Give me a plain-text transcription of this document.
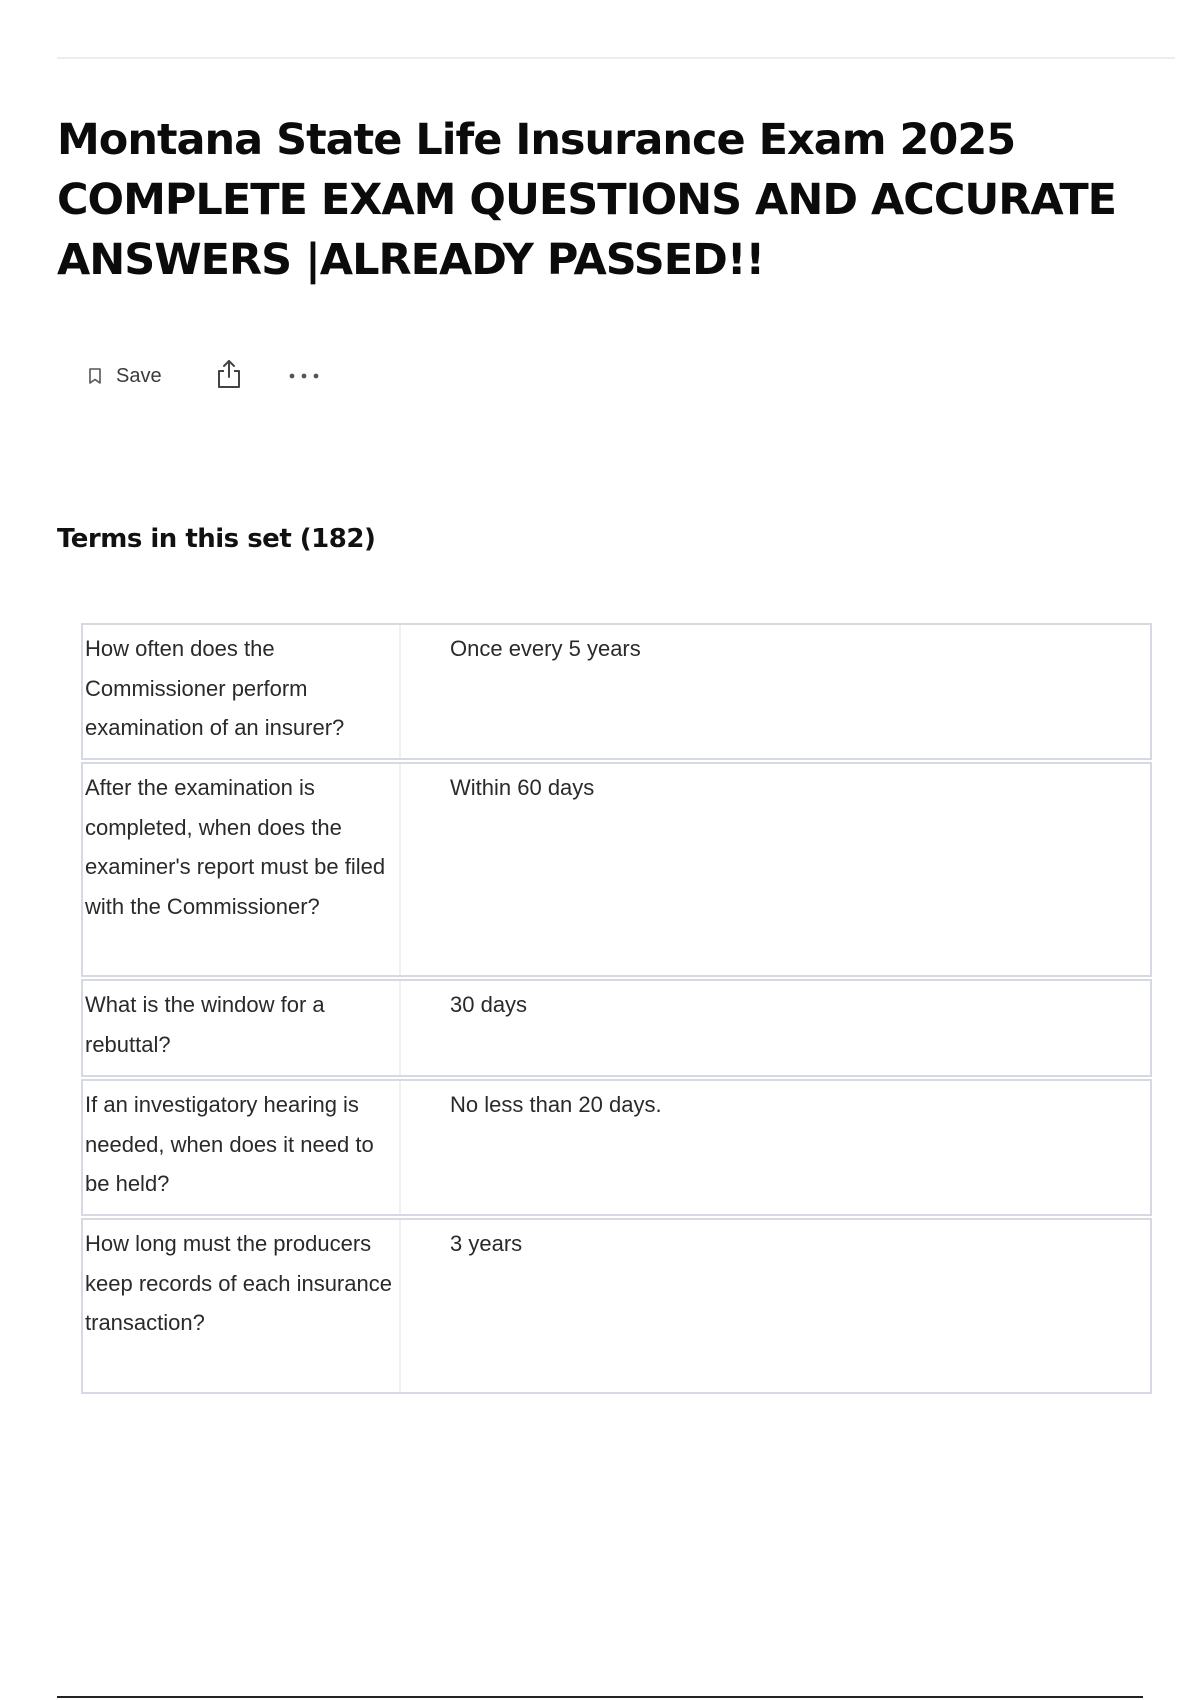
Montana State Life Insurance Exam 2025 COMPLETE EXAM QUESTIONS AND ACCURATE ANSWERS |ALREADY PASSED!!
Save
Terms in this set (182)
How often does the Commissioner perform examination of an insurer?
Once every 5 years
After the examination is completed, when does the examiner's report must be filed with the Commissioner?
Within 60 days
What is the window for a rebuttal?
30 days
If an investigatory hearing is needed, when does it need to be held?
No less than 20 days.
How long must the producers keep records of each insurance transaction?
3 years
